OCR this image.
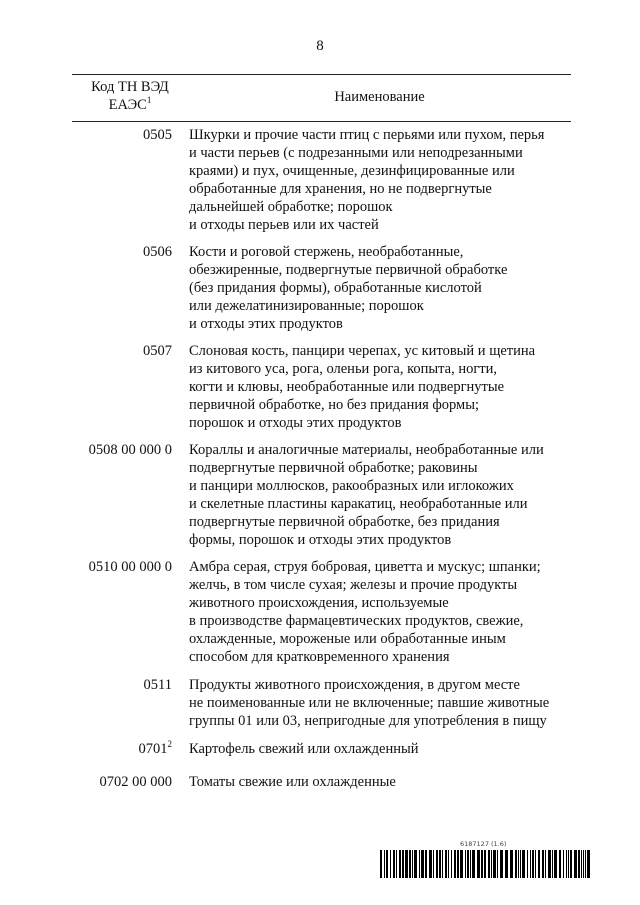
8
Код ТН ВЭД
ЕАЭС$^1$	Наименование
0505 Шкурки и прочие части птиц с перьями или пухом, перья
и части перьев (с подрезанными или неподрезанными
краями) и пух, очищенные, дезинфицированные или
обработанные для хранения, но не подвергнутые
дальнейшей обработке; порошок
и отходы перьев или их частей
0506 Кости и роговой стержень, необработанные,
обезжиренные, подвергнутые первичной обработке
(без придания формы), обработанные кислотой
или дежелатинизированные; порошок
и отходы этих продуктов
0507 Слоновая кость, панцири черепах, ус китовый и щетина
из китового уса, рога, оленьи рога, копыта, ногти,
когти и клювы, необработанные или подвергнутые
первичной обработке, но без придания формы;
порошок и отходы этих продуктов
0508 00 000 0 Кораллы и аналогичные материалы, необработанные или
подвергнутые первичной обработке; раковины
и панцири моллюсков, ракообразных или иглокожих
и скелетные пластины каракатиц, необработанные или
подвергнутые первичной обработке, без придания
формы, порошок и отходы этих продуктов
0510 00 000 0 Амбра серая, струя бобровая, циветта и мускус; шпанки;
желчь, в том числе сухая; железы и прочие продукты
животного происхождения, используемые
в производстве фармацевтических продуктов, свежие,
охлажденные, мороженые или обработанные иным
способом для кратковременного хранения
0511 Продукты животного происхождения, в другом месте
не поименованные или не включенные; павшие животные
группы 01 или 03, непригодные для употребления в пищу
0701$^2$ Картофель свежий или охлажденный
0702 00 000 Томаты свежие или охлажденные
6187127 (1.6)
